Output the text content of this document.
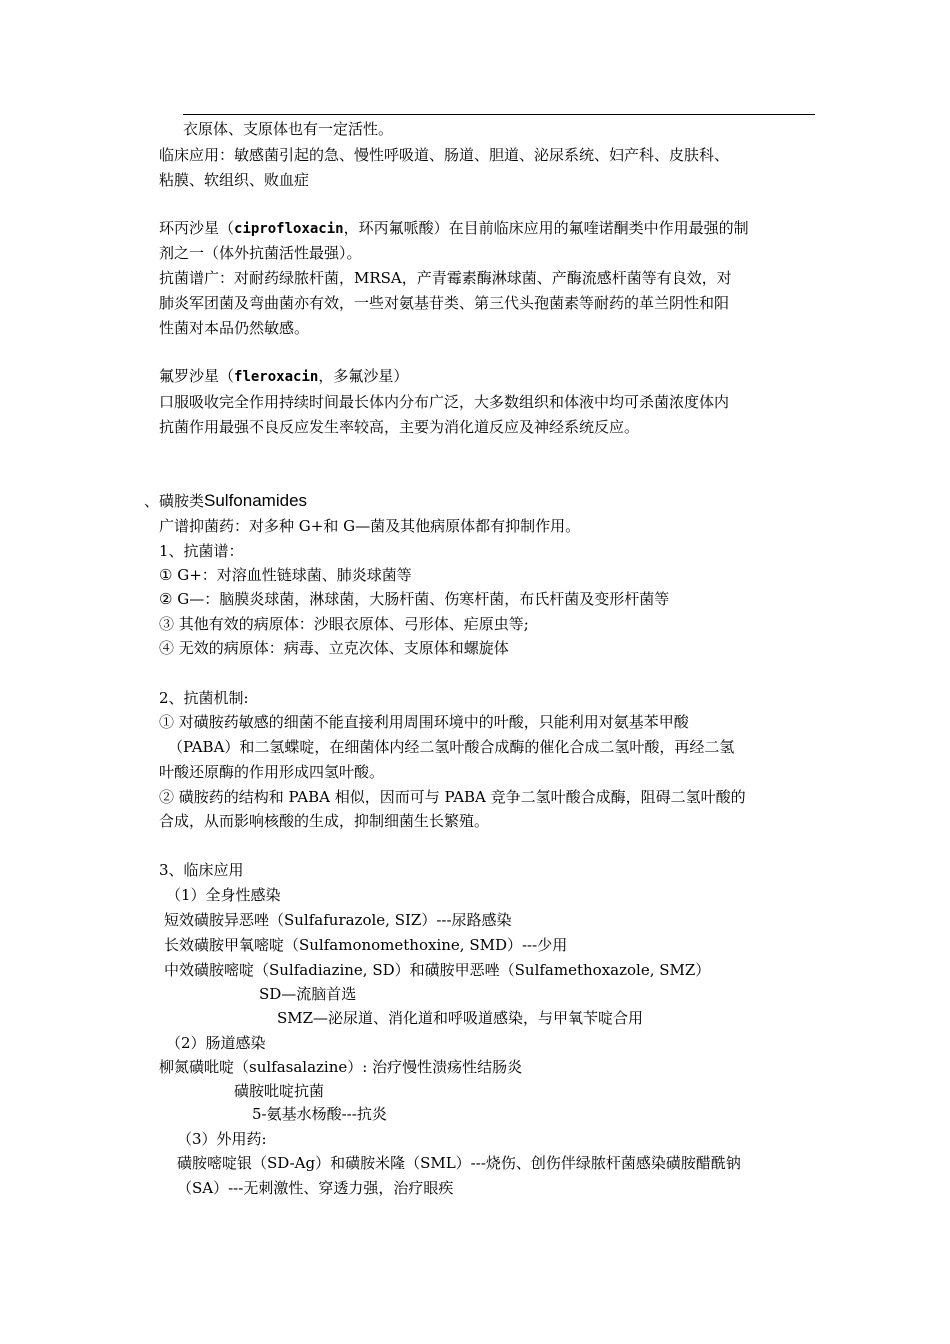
衣原体、支原体也有一定活性。
临床应用：敏感菌引起的急、慢性呼吸道、肠道、胆道、泌尿系统、妇产科、皮肤科、
粘膜、软组织、败血症
环丙沙星（ciprofloxacin，环丙氟哌酸）在目前临床应用的氟喹诺酮类中作用最强的制
剂之一（体外抗菌活性最强）。
抗菌谱广：对耐药绿脓杆菌，MRSA，产青霉素酶淋球菌、产酶流感杆菌等有良效，对
肺炎军团菌及弯曲菌亦有效，一些对氨基苷类、第三代头孢菌素等耐药的革兰阴性和阳
性菌对本品仍然敏感。
氟罗沙星（fleroxacin，多氟沙星）
口服吸收完全作用持续时间最长体内分布广泛，大多数组织和体液中均可杀菌浓度体内
抗菌作用最强不良反应发生率较高，主要为消化道反应及神经系统反应。
、磺胺类Sulfonamides
广谱抑菌药：对多种 G+和 G—菌及其他病原体都有抑制作用。
1、抗菌谱：
① G+：对溶血性链球菌、肺炎球菌等
② G—：脑膜炎球菌，淋球菌，大肠杆菌、伤寒杆菌，布氏杆菌及变形杆菌等
③ 其他有效的病原体：沙眼衣原体、弓形体、疟原虫等;
④ 无效的病原体：病毒、立克次体、支原体和螺旋体
2、抗菌机制:
① 对磺胺药敏感的细菌不能直接利用周围环境中的叶酸，只能利用对氨基苯甲酸
（PABA）和二氢蝶啶，在细菌体内经二氢叶酸合成酶的催化合成二氢叶酸，再经二氢
叶酸还原酶的作用形成四氢叶酸。
② 磺胺药的结构和 PABA 相似，因而可与 PABA 竞争二氢叶酸合成酶，阻碍二氢叶酸的
合成，从而影响核酸的生成，抑制细菌生长繁殖。
3、临床应用
（1）全身性感染
短效磺胺异恶唑（Sulfafurazole, SIZ）---尿路感染
长效磺胺甲氧嘧啶（Sulfamonomethoxine, SMD）---少用
中效磺胺嘧啶（Sulfadiazine, SD）和磺胺甲恶唑（Sulfamethoxazole, SMZ）
SD—流脑首选
SMZ—泌尿道、消化道和呼吸道感染，与甲氧苄啶合用
（2）肠道感染
柳氮磺吡啶（sulfasalazine）: 治疗慢性溃疡性结肠炎
磺胺吡啶抗菌
5-氨基水杨酸---抗炎
（3）外用药:
磺胺嘧啶银（SD-Ag）和磺胺米隆（SML）---烧伤、创伤伴绿脓杆菌感染磺胺醋酰钠
（SA）---无刺激性、穿透力强，治疗眼疾
